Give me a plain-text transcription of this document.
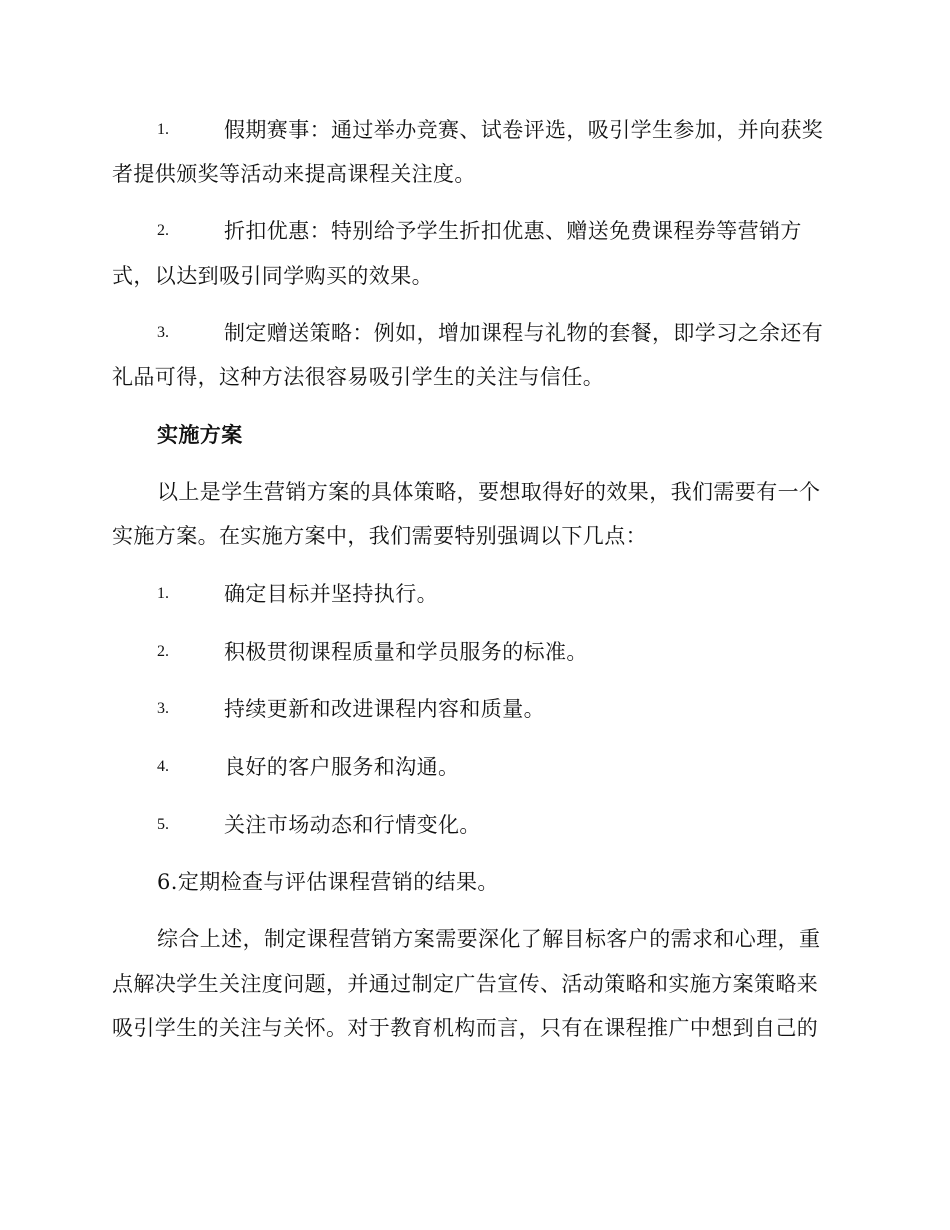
1.	假期赛事：通过举办竞赛、试卷评选，吸引学生参加，并向获奖
者提供颁奖等活动来提高课程关注度。
2.	折扣优惠：特别给予学生折扣优惠、赠送免费课程券等营销方
式，以达到吸引同学购买的效果。
3.	制定赠送策略：例如，增加课程与礼物的套餐，即学习之余还有
礼品可得，这种方法很容易吸引学生的关注与信任。
实施方案
以上是学生营销方案的具体策略，要想取得好的效果，我们需要有一个
实施方案。在实施方案中，我们需要特别强调以下几点：
1.	确定目标并坚持执行。
2.	积极贯彻课程质量和学员服务的标准。
3.	持续更新和改进课程内容和质量。
4.	良好的客户服务和沟通。
5.	关注市场动态和行情变化。
6.定期检查与评估课程营销的结果。
综合上述，制定课程营销方案需要深化了解目标客户的需求和心理，重
点解决学生关注度问题，并通过制定广告宣传、活动策略和实施方案策略来
吸引学生的关注与关怀。对于教育机构而言，只有在课程推广中想到自己的
